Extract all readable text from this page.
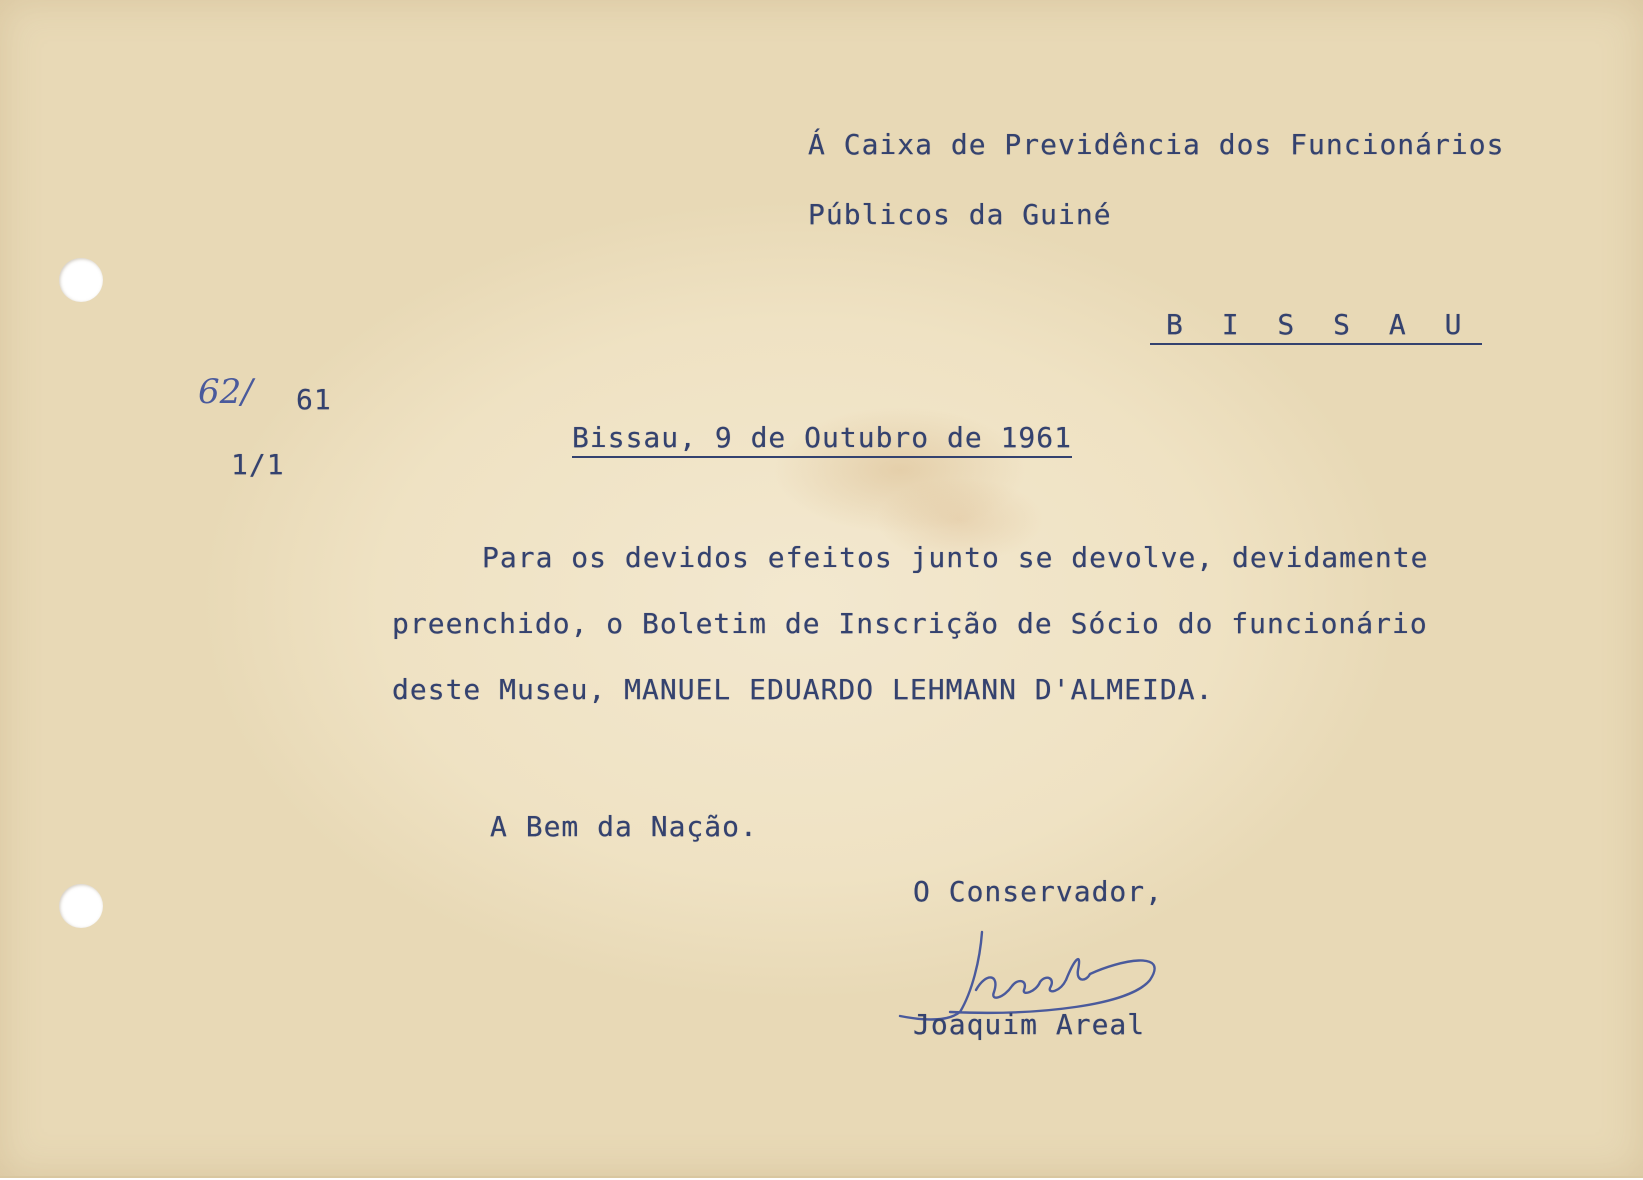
Á Caixa de Previdência dos Funcionários
Públicos da Guiné
B I S S A U
62/ 61
1/1
Bissau, 9 de Outubro de 1961
Para os devidos efeitos junto se devolve, devidamente
preenchido, o Boletim de Inscrição de Sócio do funcionário
deste Museu, MANUEL EDUARDO LEHMANN D'ALMEIDA.
A Bem da Nação.
O Conservador,
Joaquim Areal
